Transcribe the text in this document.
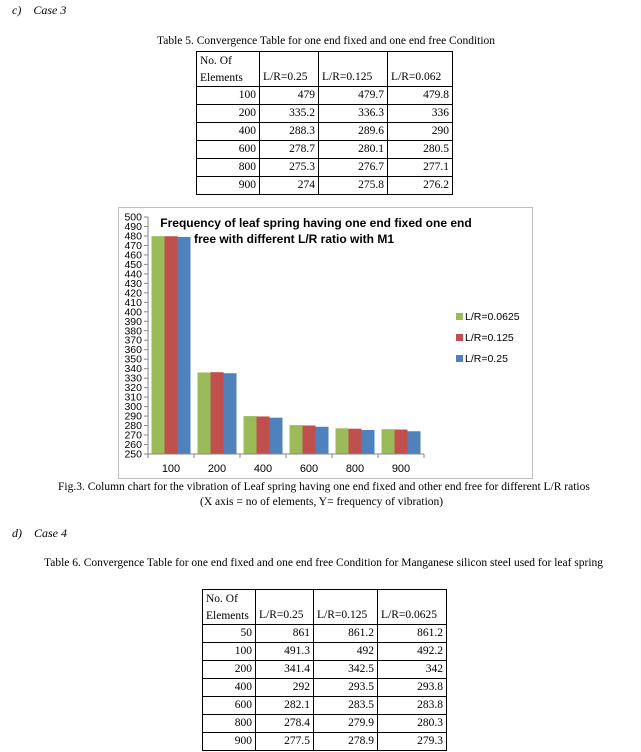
c) Case 3
Table 5. Convergence Table for one end fixed and one end free Condition
No. Of			
Elements	L/R=0.25	L/R=0.125	L/R=0.062
100	479	479.7	479.8
200	335.2	336.3	336
400	288.3	289.6	290
600	278.7	280.1	280.5
800	275.3	276.7	277.1
900	274	275.8	276.2
Frequency of leaf spring having one end fixed one end
free with different L/R ratio with M1
250
260
270
280
290
300
310
320
330
340
350
360
370
380
390
400
410
420
430
440
450
460
470
480
490
500
100	200	400	600	800	900
L/R=0.0625
L/R=0.125
L/R=0.25
Fig.3. Column chart for the vibration of Leaf spring having one end fixed and other end free for different L/R ratios
(X axis = no of elements, Y= frequency of vibration)
d) Case 4
Table 6. Convergence Table for one end fixed and one end free Condition for Manganese silicon steel used for leaf spring
No. Of			
Elements	L/R=0.25	L/R=0.125	L/R=0.0625
50	861	861.2	861.2
100	491.3	492	492.2
200	341.4	342.5	342
400	292	293.5	293.8
600	282.1	283.5	283.8
800	278.4	279.9	280.3
900	277.5	278.9	279.3
